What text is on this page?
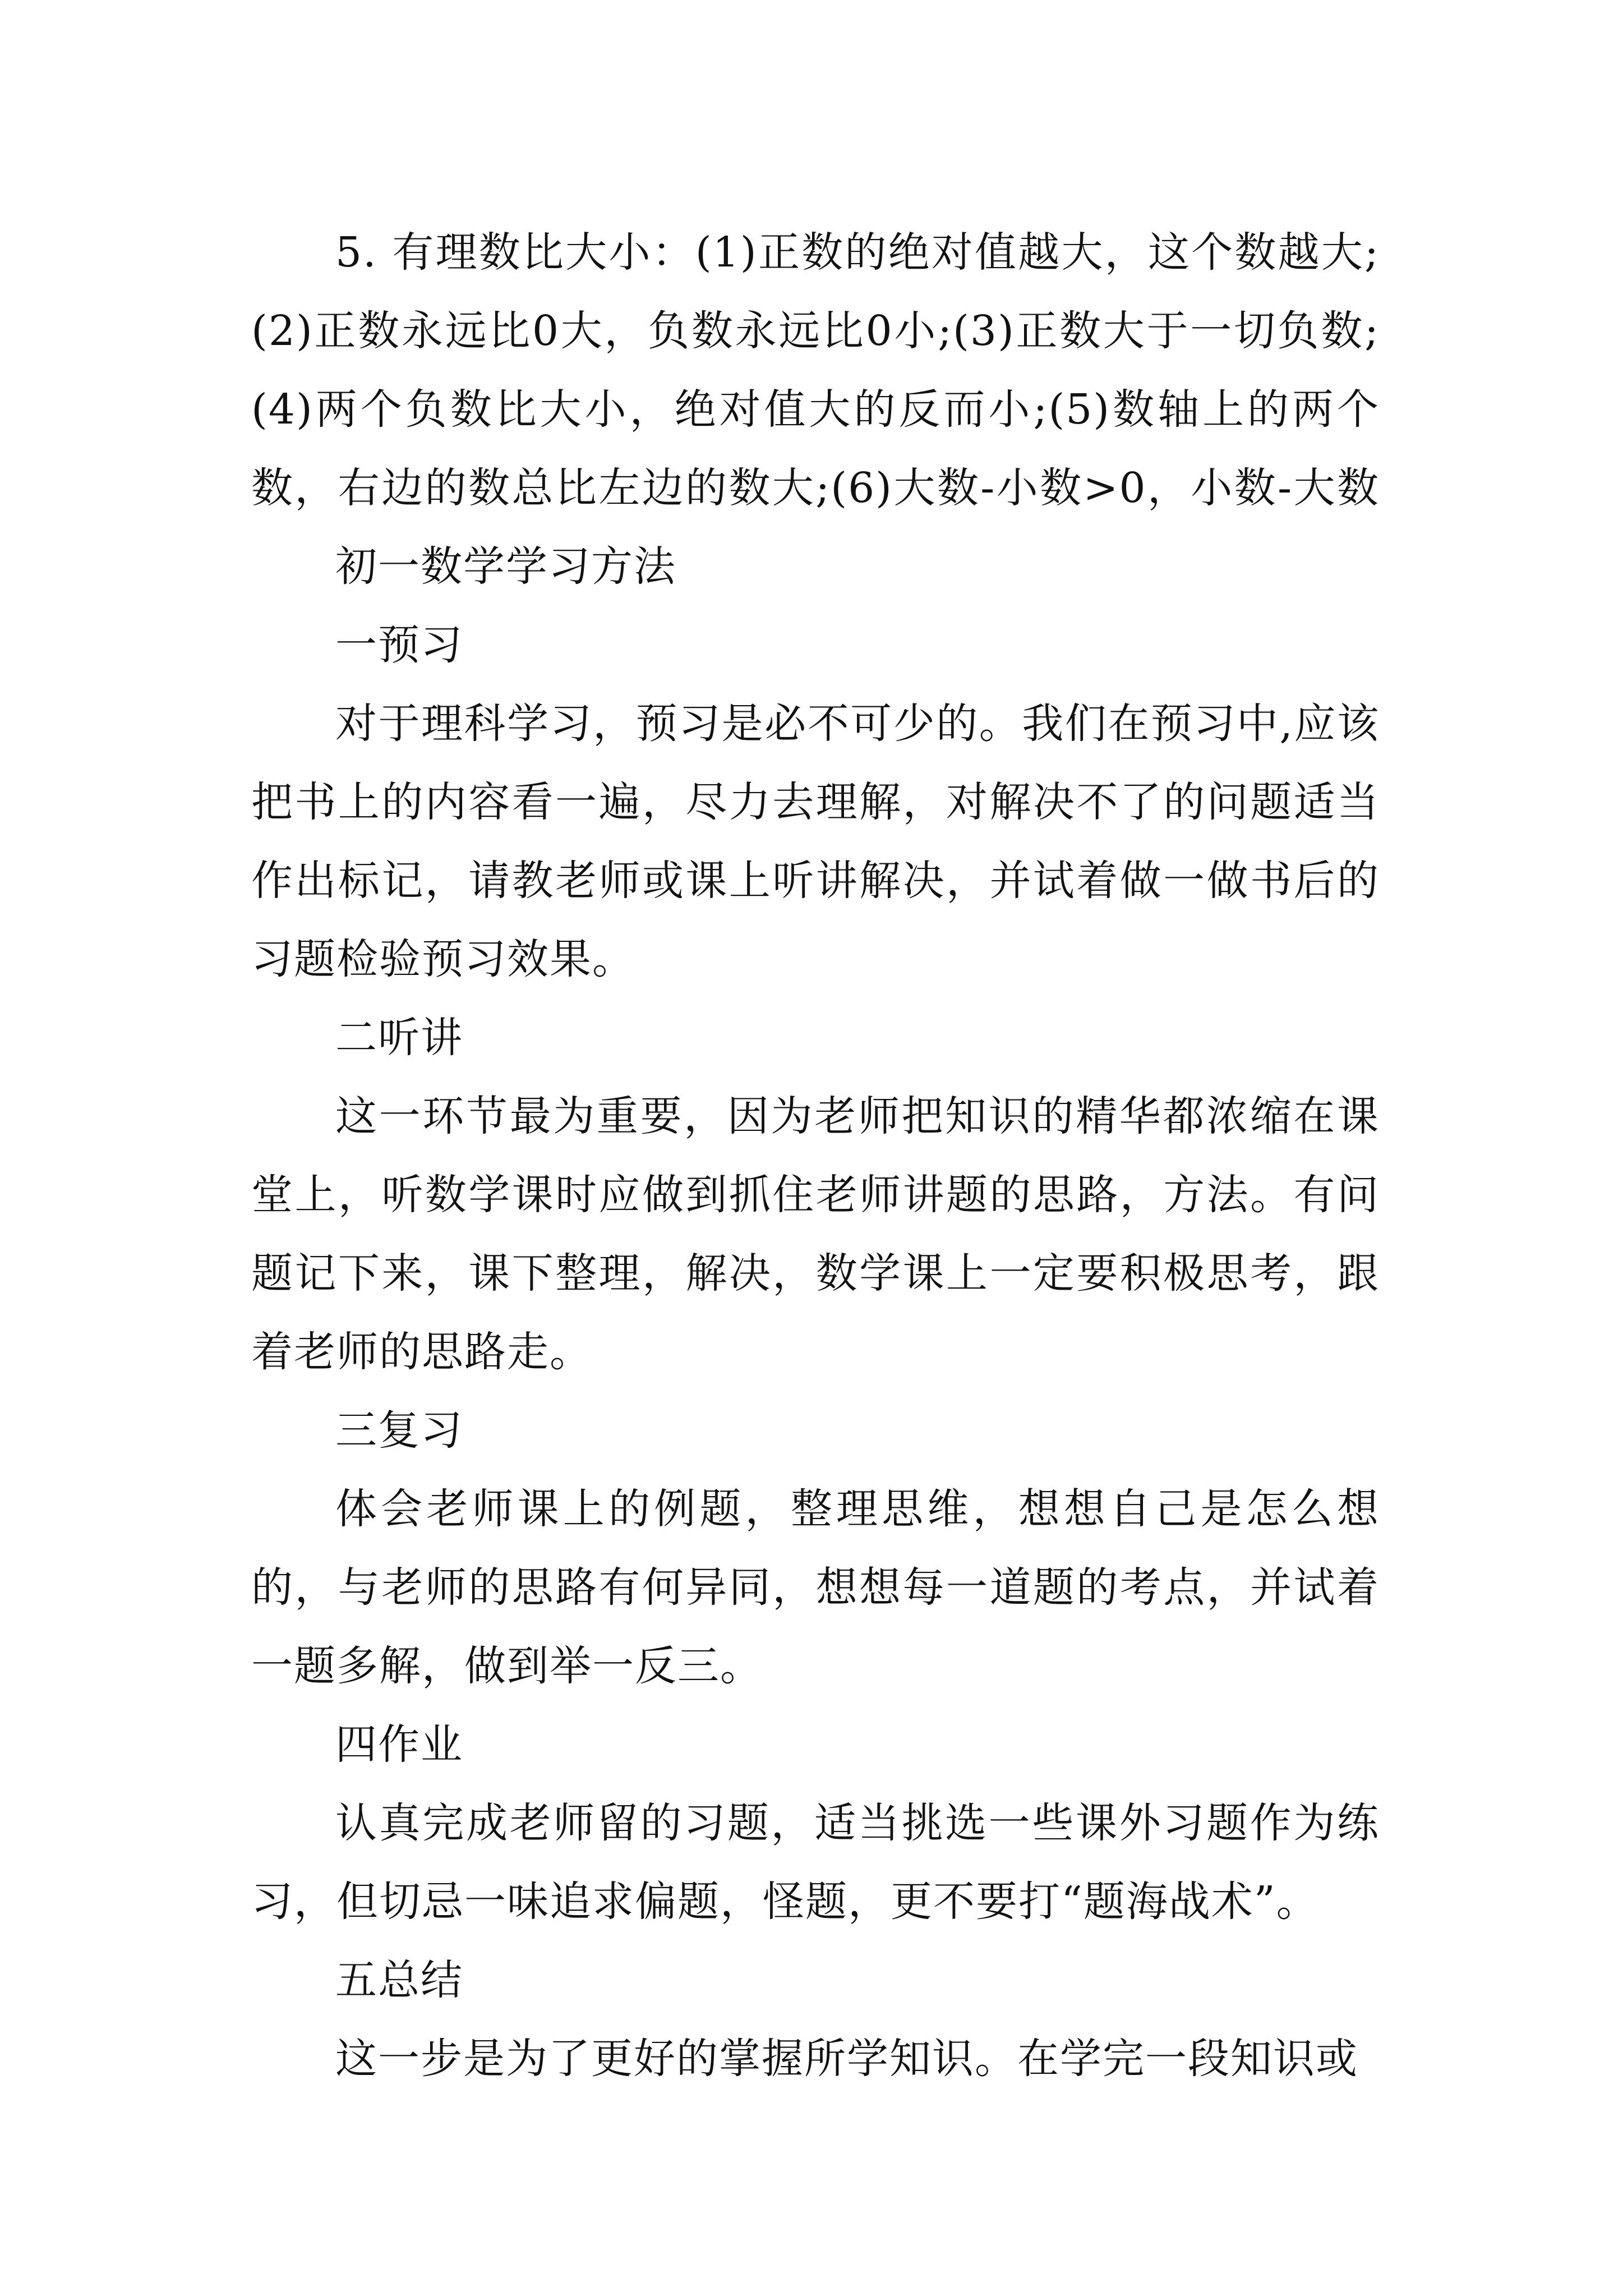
5. 有理数比大小：(1)正数的绝对值越大，这个数越大;(2)正数永远比0大，负数永远比0小;(3)正数大于一切负数;(4)两个负数比大小，绝对值大的反而小;(5)数轴上的两个数，右边的数总比左边的数大;(6)大数-小数>0，小数-大数初一数学学习方法

一预习

对于理科学习，预习是必不可少的。我们在预习中,应该把书上的内容看一遍，尽力去理解，对解决不了的问题适当作出标记，请教老师或课上听讲解决，并试着做一做书后的习题检验预习效果。

二听讲

这一环节最为重要，因为老师把知识的精华都浓缩在课堂上，听数学课时应做到抓住老师讲题的思路，方法。有问题记下来，课下整理，解决，数学课上一定要积极思考，跟着老师的思路走。

三复习

体会老师课上的例题，整理思维，想想自己是怎么想的，与老师的思路有何异同，想想每一道题的考点，并试着一题多解，做到举一反三。

四作业

认真完成老师留的习题，适当挑选一些课外习题作为练习，但切忌一味追求偏题，怪题，更不要打“题海战术”。

五总结

这一步是为了更好的掌握所学知识。在学完一段知识或
